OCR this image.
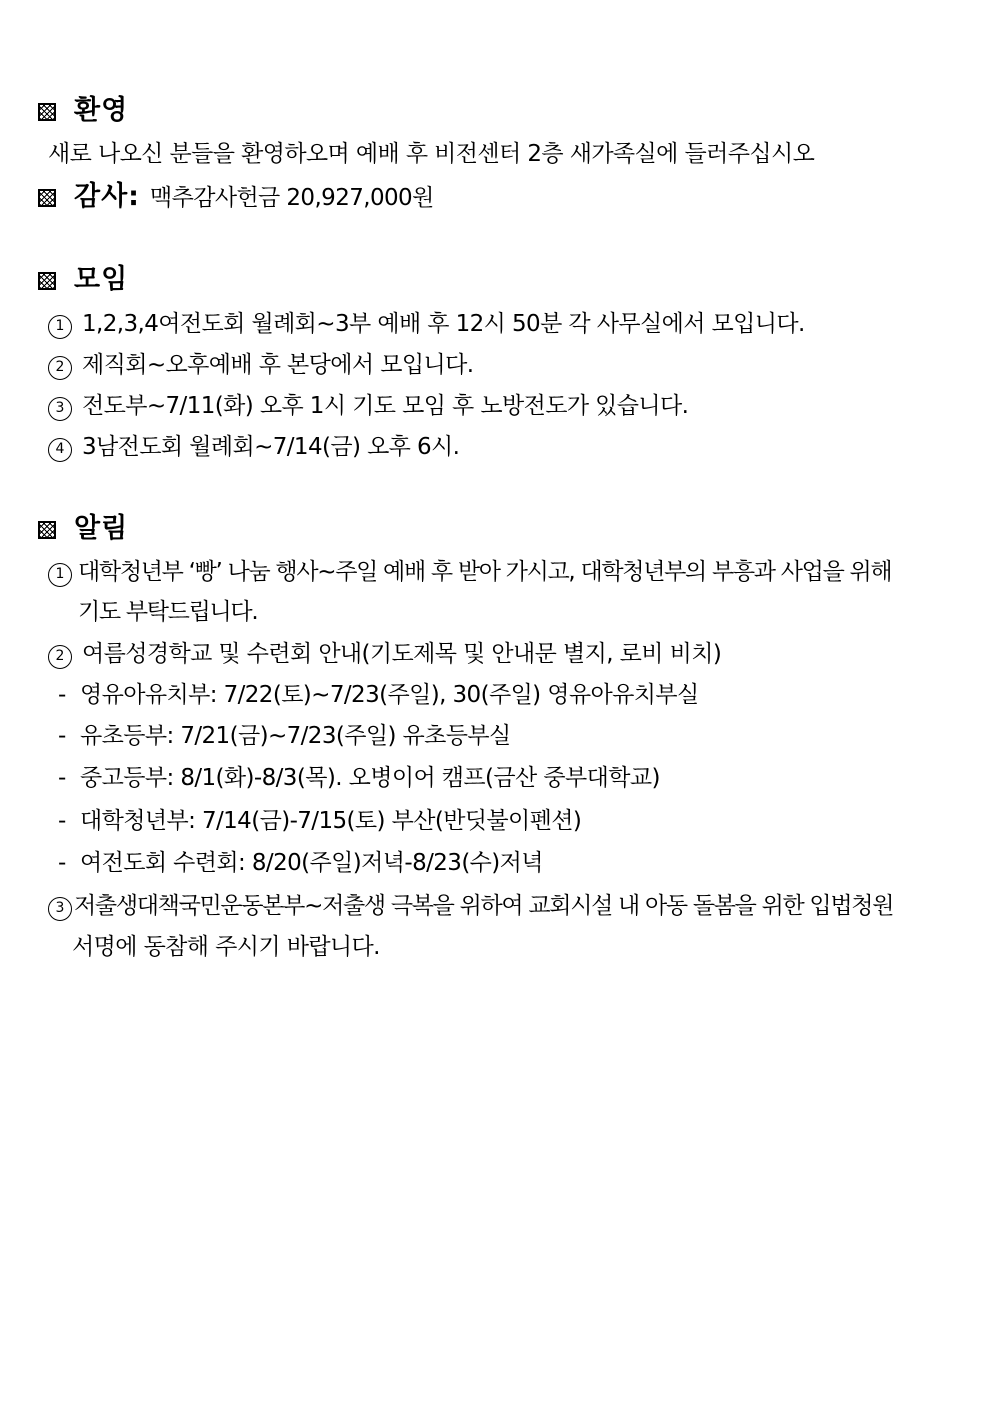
환영
새로 나오신 분들을 환영하오며 예배 후 비전센터 2층 새가족실에 들러주십시오
감사: 맥추감사헌금 20,927,000원
모임
1 1,2,3,4여전도회 월례회~3부 예배 후 12시 50분 각 사무실에서 모입니다.
2 제직회~오후예배 후 본당에서 모입니다.
3 전도부~7/11(화) 오후 1시 기도 모임 후 노방전도가 있습니다.
4 3남전도회 월례회~7/14(금) 오후 6시.
알림
1 대학청년부 ‘빵’ 나눔 행사~주일 예배 후 받아 가시고, 대학청년부의 부흥과 사업을 위해
기도 부탁드립니다.
2 여름성경학교 및 수련회 안내(기도제목 및 안내문 별지, 로비 비치)
- 영유아유치부: 7/22(토)~7/23(주일), 30(주일) 영유아유치부실
- 유초등부: 7/21(금)~7/23(주일) 유초등부실
- 중고등부: 8/1(화)-8/3(목). 오병이어 캠프(금산 중부대학교)
- 대학청년부: 7/14(금)-7/15(토) 부산(반딧불이펜션)
- 여전도회 수련회: 8/20(주일)저녁-8/23(수)저녁
3 저출생대책국민운동본부~저출생 극복을 위하여 교회시설 내 아동 돌봄을 위한 입법청원
서명에 동참해 주시기 바랍니다.
